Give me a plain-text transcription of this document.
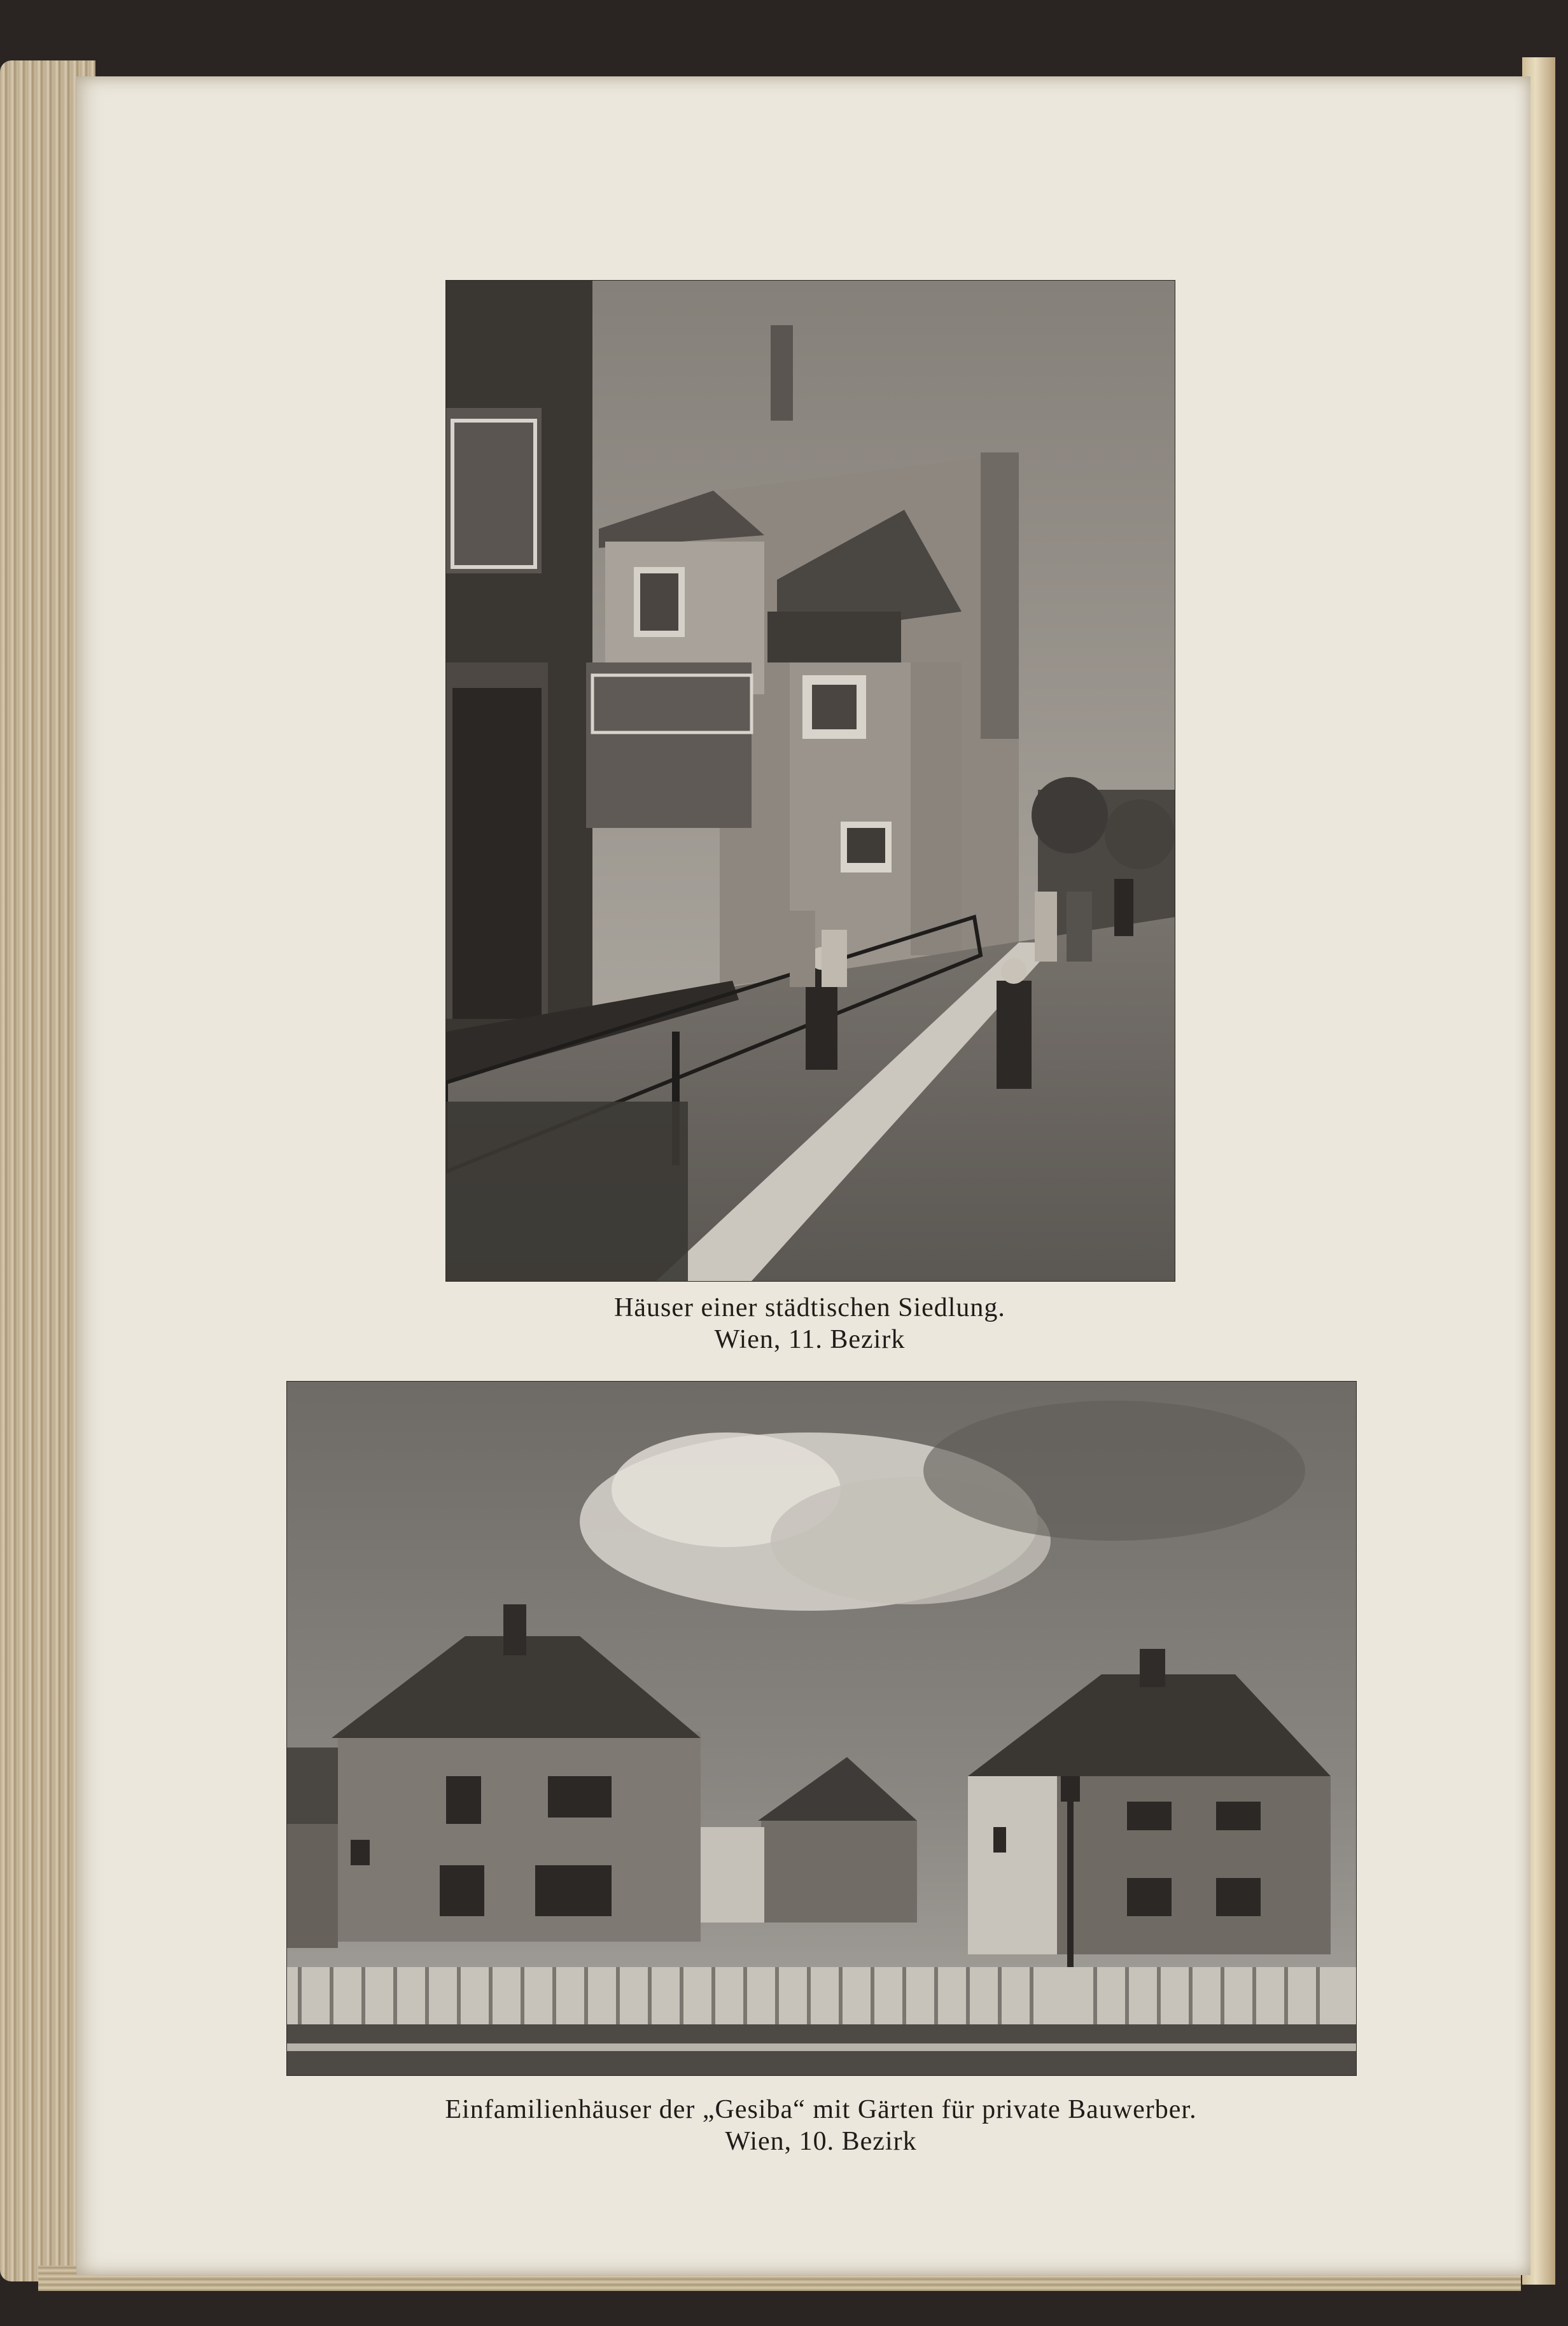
Häuser einer städtischen Siedlung.
Wien, 11. Bezirk
Einfamilienhäuser der „Gesiba“ mit Gärten für private Bauwerber.
Wien, 10. Bezirk
